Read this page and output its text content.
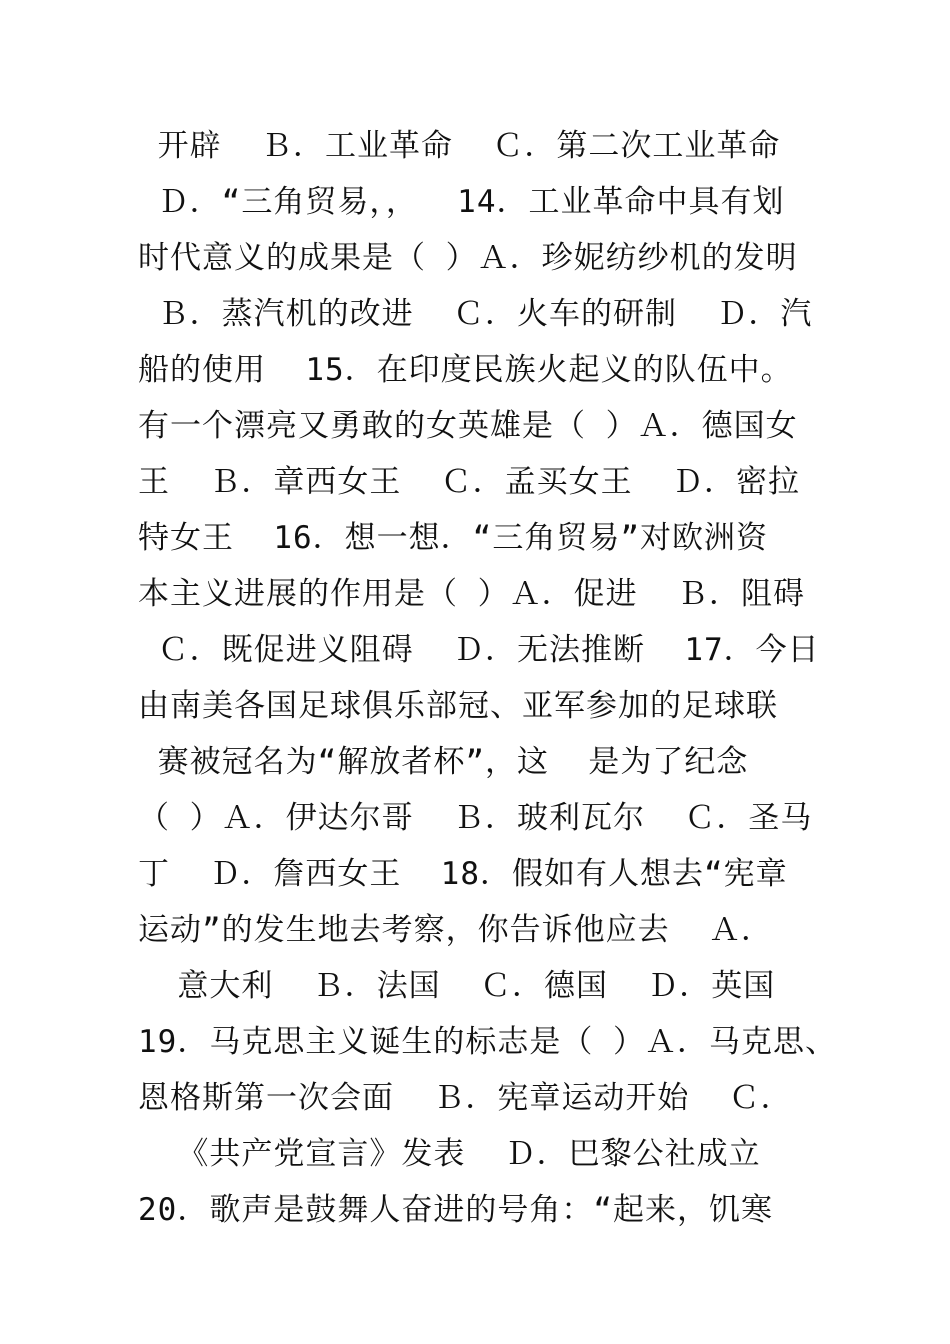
开辟  Ｂ．工业革命  Ｃ．第二次工业革命
Ｄ．“三角贸易，，  14．工业革命中具有划
时代意义的成果是（ ）Ａ．珍妮纺纱机的发明
Ｂ．蒸汽机的改进  Ｃ．火车的研制  Ｄ．汽
船的使用  15．在印度民族火起义的队伍中。
有一个漂亮又勇敢的女英雄是（ ）Ａ．德国女
王  Ｂ．章西女王  Ｃ．孟买女王  Ｄ．密拉
特女王  16．想一想．“三角贸易”对欧洲资
本主义进展的作用是（ ）Ａ．促进  Ｂ．阻碍
Ｃ．既促进义阻碍  Ｄ．无法推断  17．今日
由南美各国足球俱乐部冠、亚军参加的足球联
赛被冠名为“解放者杯”，这  是为了纪念
（ ）Ａ．伊达尔哥  Ｂ．玻利瓦尔  Ｃ．圣马
丁  Ｄ．詹西女王  18．假如有人想去“宪章
运动”的发生地去考察，你告诉他应去  Ａ．
意大利  Ｂ．法国  Ｃ．德国  Ｄ．英国
19．马克思主义诞生的标志是（ ）Ａ．马克思、
恩格斯第一次会面  Ｂ．宪章运动开始  Ｃ．
《共产党宣言》发表  Ｄ．巴黎公社成立
20．歌声是鼓舞人奋进的号角：“起来，饥寒
